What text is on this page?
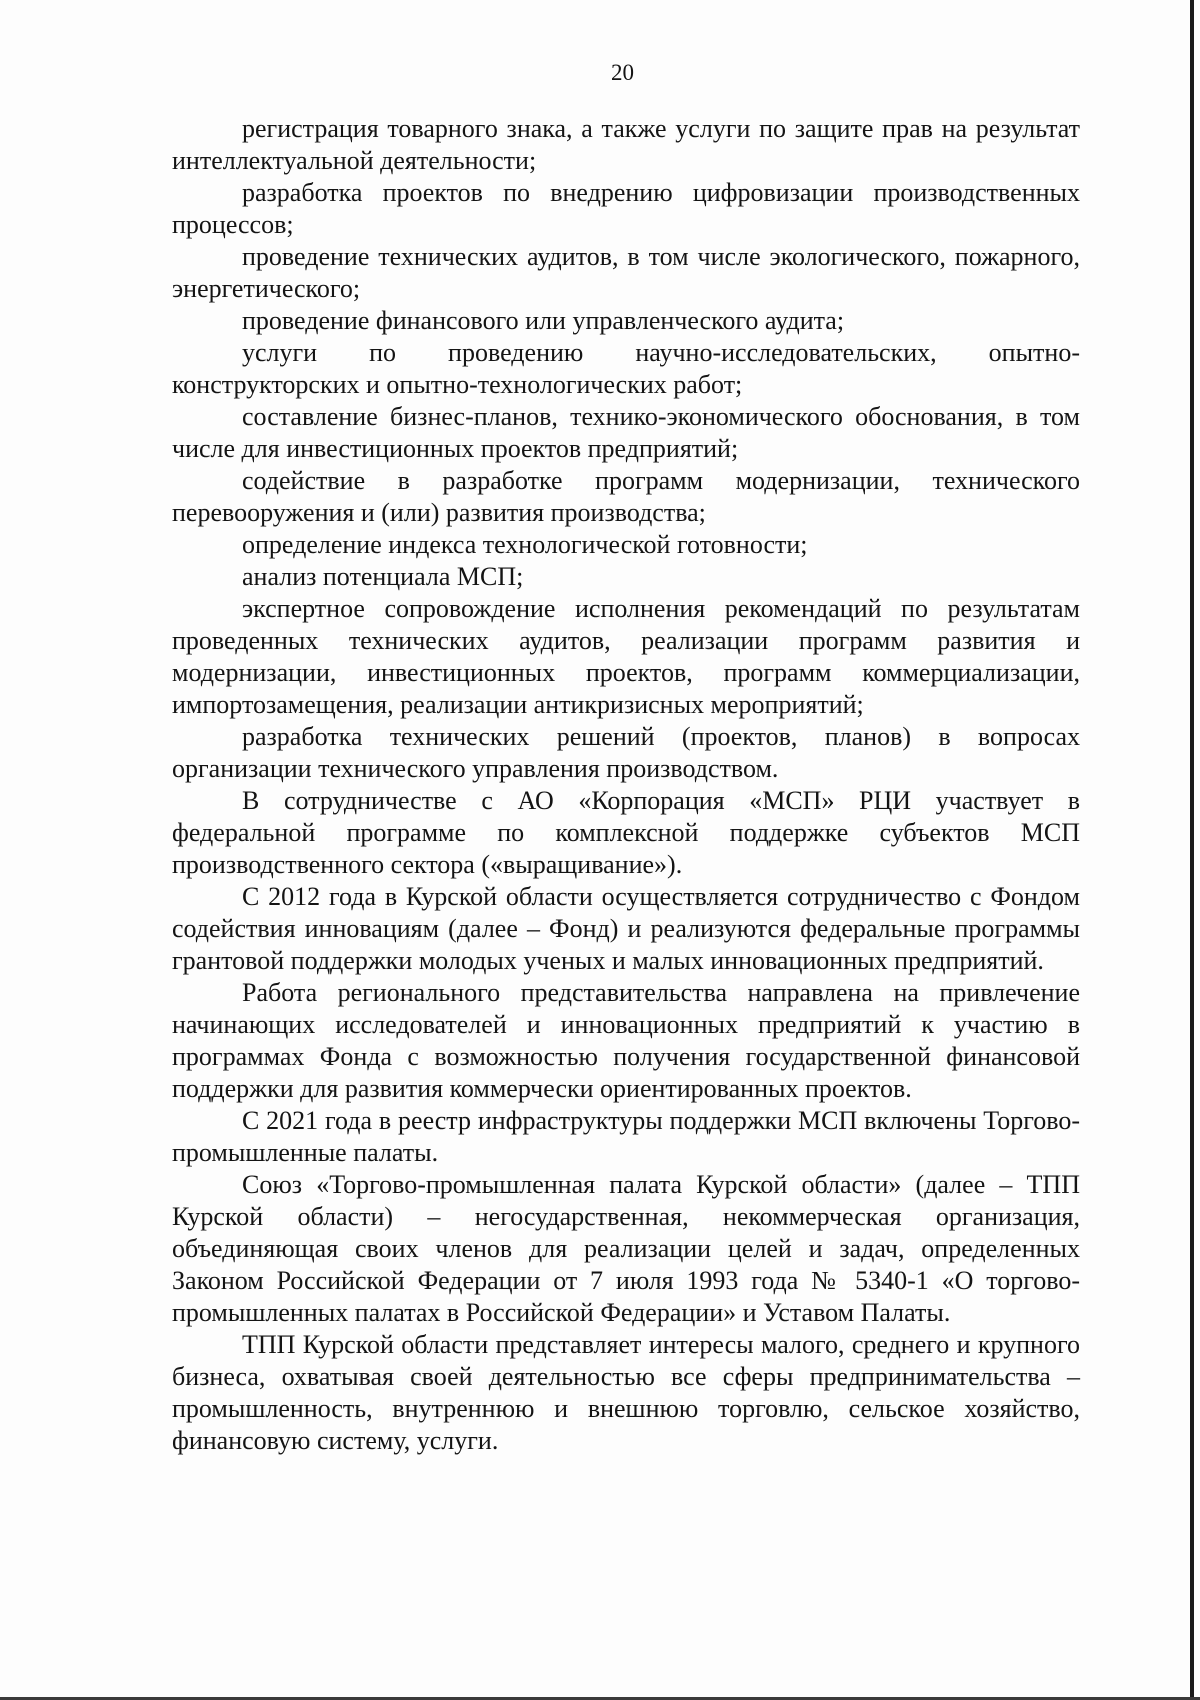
20

регистрация товарного знака, а также услуги по защите прав на результат интеллектуальной деятельности;

разработка проектов по внедрению цифровизации производственных процессов;

проведение технических аудитов, в том числе экологического, пожарного, энергетического;

проведение финансового или управленческого аудита;

услуги по проведению научно-исследовательских, опытно-конструкторских и опытно-технологических работ;

составление бизнес-планов, технико-экономического обоснования, в том числе для инвестиционных проектов предприятий;

содействие в разработке программ модернизации, технического перевооружения и (или) развития производства;

определение индекса технологической готовности;

анализ потенциала МСП;

экспертное сопровождение исполнения рекомендаций по результатам проведенных технических аудитов, реализации программ развития и модернизации, инвестиционных проектов, программ коммерциализации, импортозамещения, реализации антикризисных мероприятий;

разработка технических решений (проектов, планов) в вопросах организации технического управления производством.

В сотрудничестве с АО «Корпорация «МСП» РЦИ участвует в федеральной программе по комплексной поддержке субъектов МСП производственного сектора («выращивание»).

С 2012 года в Курской области осуществляется сотрудничество с Фондом содействия инновациям (далее – Фонд) и реализуются федеральные программы грантовой поддержки молодых ученых и малых инновационных предприятий.

Работа регионального представительства направлена на привлечение начинающих исследователей и инновационных предприятий к участию в программах Фонда с возможностью получения государственной финансовой поддержки для развития коммерчески ориентированных проектов.

С 2021 года в реестр инфраструктуры поддержки МСП включены Торгово-промышленные палаты.

Союз «Торгово-промышленная палата Курской области» (далее – ТПП Курской области) – негосударственная, некоммерческая организация, объединяющая своих членов для реализации целей и задач, определенных Законом Российской Федерации от 7 июля 1993 года № 5340-1 «О торгово-промышленных палатах в Российской Федерации» и Уставом Палаты.

ТПП Курской области представляет интересы малого, среднего и крупного бизнеса, охватывая своей деятельностью все сферы предпринимательства – промышленность, внутреннюю и внешнюю торговлю, сельское хозяйство, финансовую систему, услуги.
